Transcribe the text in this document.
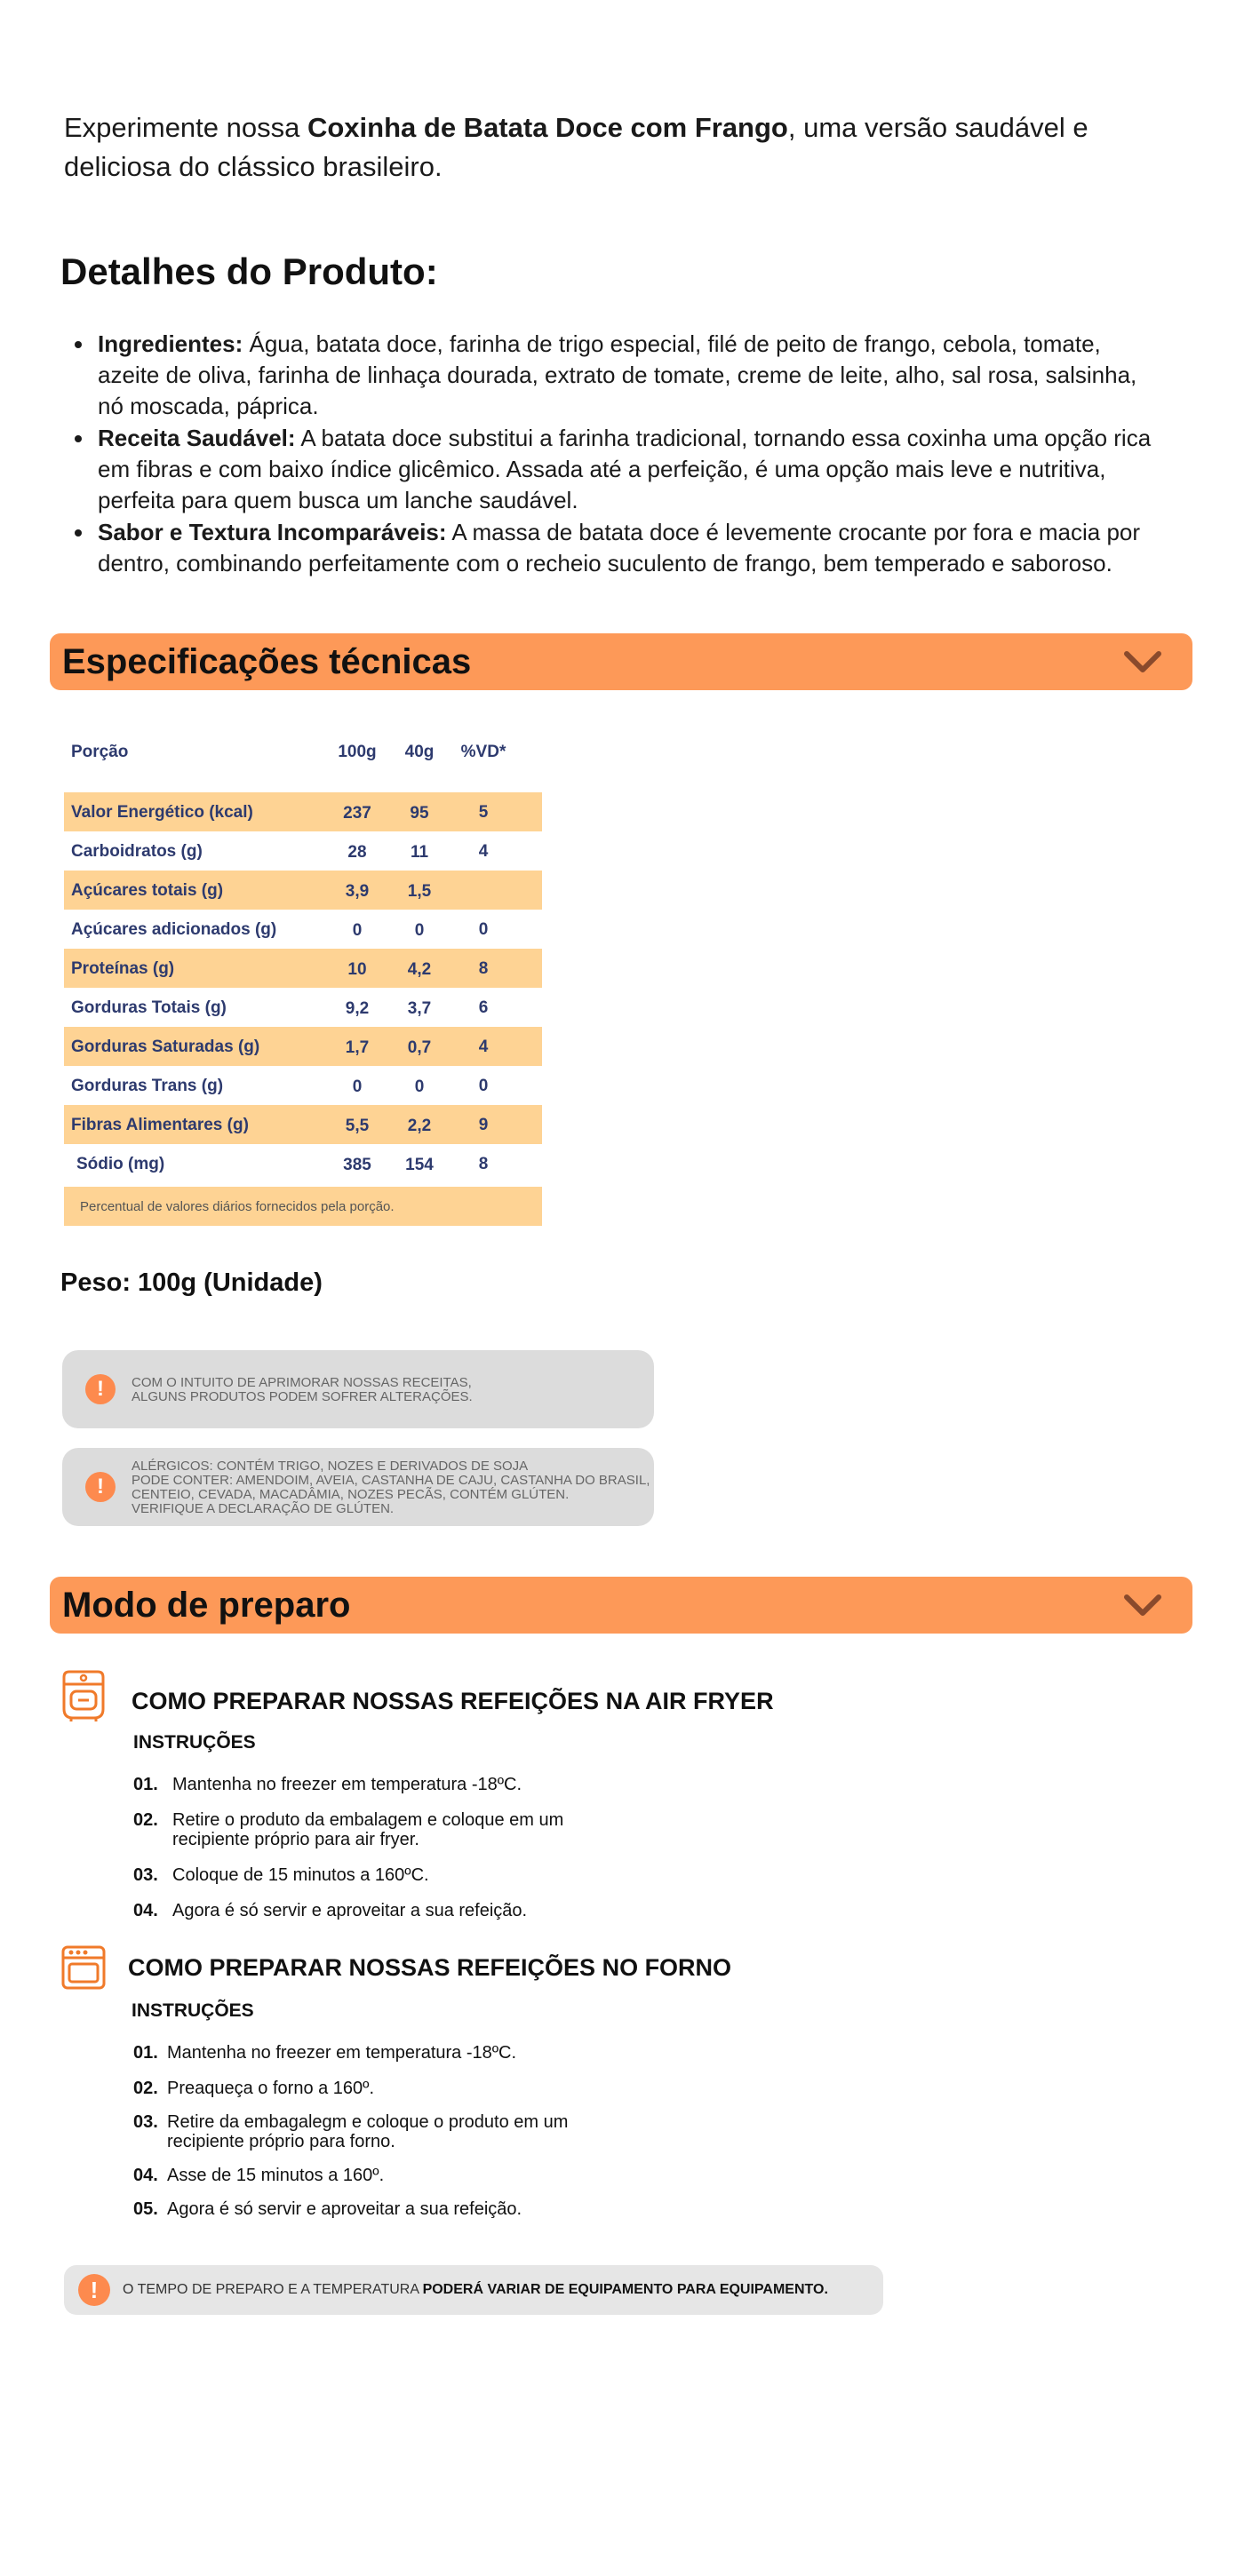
Experimente nossa Coxinha de Batata Doce com Frango, uma versão saudável e deliciosa do clássico brasileiro.

Detalhes do Produto:
Ingredientes: Água, batata doce, farinha de trigo especial, filé de peito de frango, cebola, tomate, azeite de oliva, farinha de linhaça dourada, extrato de tomate, creme de leite, alho, sal rosa, salsinha, nó moscada, páprica.
Receita Saudável: A batata doce substitui a farinha tradicional, tornando essa coxinha uma opção rica em fibras e com baixo índice glicêmico. Assada até a perfeição, é uma opção mais leve e nutritiva, perfeita para quem busca um lanche saudável.
Sabor e Textura Incomparáveis: A massa de batata doce é levemente crocante por fora e macia por dentro, combinando perfeitamente com o recheio suculento de frango, bem temperado e saboroso.
Especificações técnicas
Porção	100g	40g	%VD*
Valor Energético (kcal)	237	95	5
Carboidratos (g)	28	11	4
Açúcares totais (g)	3,9	1,5
Açúcares adicionados (g)	0	0	0
Proteínas (g)	10	4,2	8
Gorduras Totais (g)	9,2	3,7	6
Gorduras Saturadas (g)	1,7	0,7	4
Gorduras Trans (g)	0	0	0
Fibras Alimentares (g)	5,5	2,2	9
Sódio (mg)	385	154	8
Percentual de valores diários fornecidos pela porção.
Peso: 100g (Unidade)
!	COM O INTUITO DE APRIMORAR NOSSAS RECEITAS,
ALGUNS PRODUTOS PODEM SOFRER ALTERAÇÕES.
!
ALÉRGICOS: CONTÉM TRIGO, NOZES E DERIVADOS DE SOJA
PODE CONTER: AMENDOIM, AVEIA, CASTANHA DE CAJU, CASTANHA DO BRASIL,
CENTEIO, CEVADA, MACADÂMIA, NOZES PECÃS, CONTÉM GLÚTEN.
VERIFIQUE A DECLARAÇÃO DE GLÚTEN.
Modo de preparo
COMO PREPARAR NOSSAS REFEIÇÕES NA AIR FRYER
INSTRUÇÕES
01. Mantenha no freezer em temperatura -18ºC.
02. Retire o produto da embalagem e coloque em um recipiente próprio para air fryer.
03. Coloque de 15 minutos a 160ºC.
04. Agora é só servir e aproveitar a sua refeição.
COMO PREPARAR NOSSAS REFEIÇÕES NO FORNO
INSTRUÇÕES
01. Mantenha no freezer em temperatura -18ºC.
02. Preaqueça o forno a 160º.
03. Retire da embagalegm e coloque o produto em um recipiente próprio para forno.
04. Asse de 15 minutos a 160º.
05. Agora é só servir e aproveitar a sua refeição.
!	O TEMPO DE PREPARO E A TEMPERATURA PODERÁ VARIAR DE EQUIPAMENTO PARA EQUIPAMENTO.
